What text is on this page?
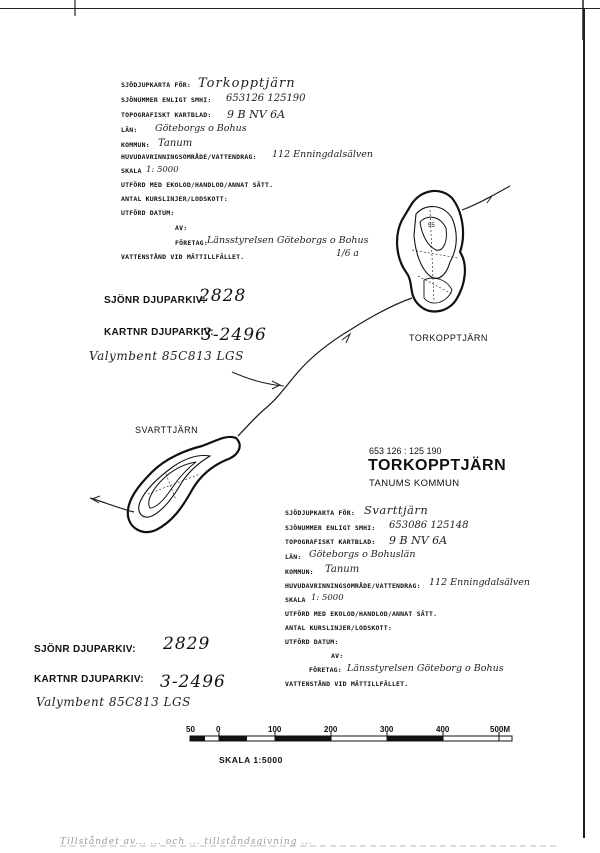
SJÖDJUPKARTA FÖR: Torkopptjärn
SJÖNUMMER ENLIGT SMHI: 653126 125190
TOPOGRAFISKT KARTBLAD: 9 B NV 6A
LÄN: Göteborgs o Bohus
KOMMUN: Tanum
HUVUDAVRINNINGSOMRÅDE/VATTENDRAG: 112 Enningdalsälven
SKALA 1: 5000
UTFÖRD MED EKOLOD/HANDLOD/ANNAT SÄTT.
ANTAL KURSLINJER/LODSKOTT:
UTFÖRD DATUM:
AV:
FÖRETAG: Länsstyrelsen Göteborgs o Bohus
VATTENSTÅND VID MÄTTILLFÄLLET.	1/6 a
SJÖNR DJUPARKIV:
2828
KARTNR DJUPARKIV:
3-2496
Valymbent 85C813 LGS
TORKOPPTJÄRN
SVARTTJÄRN
55
653 126 : 125 190
TORKOPPTJÄRN
TANUMS KOMMUN
SJÖDJUPKARTA FÖR: Svarttjärn
SJÖNUMMER ENLIGT SMHI: 653086 125148
TOPOGRAFISKT KARTBLAD: 9 B NV 6A
LÄN: Göteborgs o Bohuslän
KOMMUN: Tanum
HUVUDAVRINNINGSOMRÅDE/VATTENDRAG: 112 Enningdalsälven
SKALA 1: 5000
UTFÖRD MED EKOLOD/HANDLOD/ANNAT SÄTT.
ANTAL KURSLINJER/LODSKOTT:
UTFÖRD DATUM:
AV:
FÖRETAG: Länsstyrelsen Göteborg o Bohus
VATTENSTÅND VID MÄTTILLFÄLLET.
SJÖNR DJUPARKIV: 2829
KARTNR DJUPARKIV: 3-2496
Valymbent 85C813 LGS
50	0	100	200	300	400	500M
SKALA 1:5000
Tillståndet av... ... och ... tillståndsgivning ...
